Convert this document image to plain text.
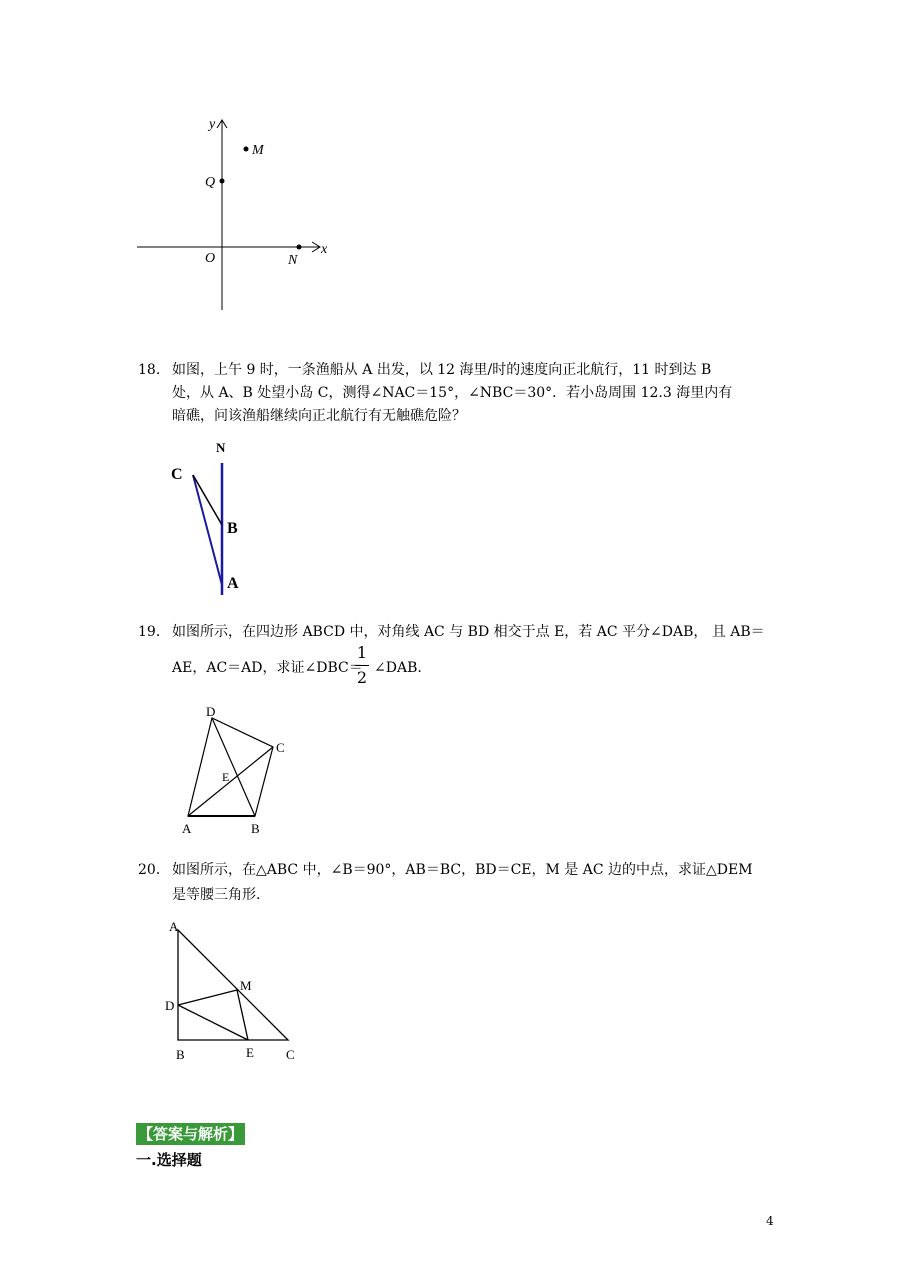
y
M
Q
O	N
x
18. 如图，上午 9 时，一条渔船从 A 出发，以 12 海里/时的速度向正北航行，11 时到达 B
处，从 A、B 处望小岛 C，测得∠NAC＝15°，∠NBC＝30°．若小岛周围 12.3 海里内有
暗礁，问该渔船继续向正北航行有无触礁危险？
N
C
B
A
19． 如图所示，在四边形 ABCD 中，对角线 AC 与 BD 相交于点 E，若 AC 平分∠DAB， 且 AB＝
AE，AC＝AD，求证∠DBC＝
1
2 ∠DAB.
D
C
E
A	B
20． 如图所示，在△ABC 中，∠B＝90°，AB＝BC，BD＝CE，M 是 AC 边的中点，求证△DEM
是等腰三角形.
A
M
D
B	E C
【答案与解析】
一.选择题
4
